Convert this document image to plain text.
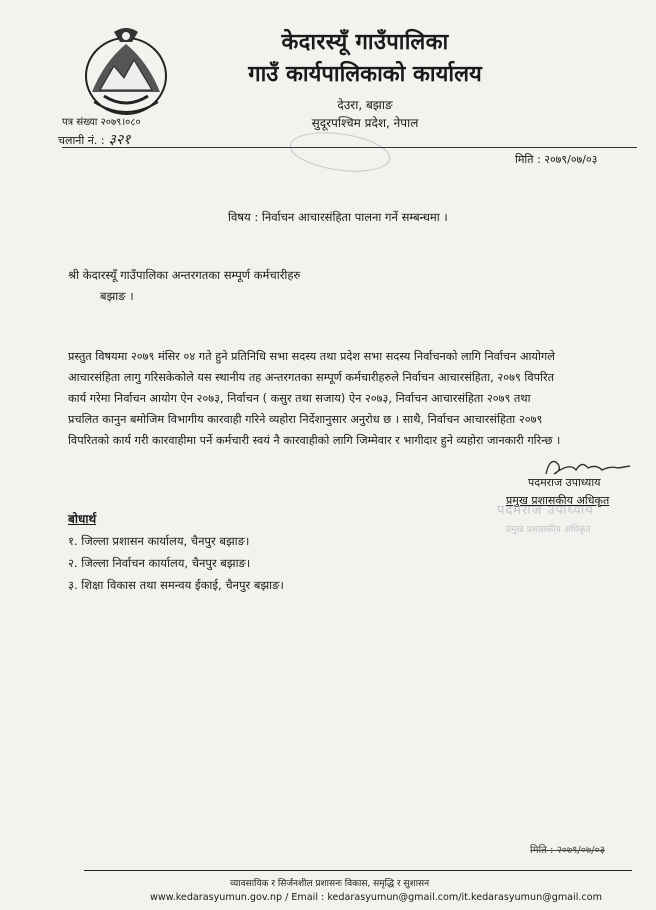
केदारस्यूँ गाउँपालिका
गाउँ कार्यपालिकाको कार्यालय
देउरा, बझाङ
सुदूरपश्चिम प्रदेश, नेपाल
पत्र संख्या २०७९।०८०
चलानी नं. : ३२१
मिति : २०७९/०७/०३
विषय : निर्वाचन आचारसंहिता पालना गर्ने सम्बन्धमा ।
श्री केदारस्यूँ गाउँपालिका अन्तरगतका सम्पूर्ण कर्मचारीहरु
बझाङ ।
प्रस्तुत विषयमा २०७९ मंसिर ०४ गते हुने प्रतिनिधि सभा सदस्य तथा प्रदेश सभा सदस्य निर्वाचनको लागि निर्वाचन आयोगले
आचारसंहिता लागु गरिसकेकोले यस स्थानीय तह अन्तरगतका सम्पूर्ण कर्मचारीहरुले निर्वाचन आचारसंहिता, २०७९ विपरित
कार्य गरेमा निर्वाचन आयोग ऐन २०७३, निर्वाचन ( कसुर तथा सजाय) ऐन २०७३, निर्वाचन आचारसंहिता २०७९ तथा
प्रचलित कानुन बमोजिम विभागीय कारवाही गरिने व्यहोरा निर्देशानुसार अनुरोध छ । साथै, निर्वाचन आचारसंहिता २०७९
विपरितको कार्य गरी कारवाहीमा पर्ने कर्मचारी स्वयं नै कारवाहीको लागि जिम्मेवार र भागीदार हुने व्यहोरा जानकारी गरिन्छ ।
पदमराज उपाध्याय
प्रमुख प्रशासकीय अधिकृत
पदमराज उपाध्याय
प्रमुख प्रशासकीय अधिकृत
बोधार्थ
१. जिल्ला प्रशासन कार्यालय, चैनपुर बझाङ।
२. जिल्ला निर्वाचन कार्यालय, चैनपुर बझाङ।
३. शिक्षा विकास तथा समन्वय ईकाई, चैनपुर बझाङ।
मिति : २०७९/०७/०३
व्यावसायिक र सिर्जनशील प्रशासनः विकास, समृद्धि र सुशासन
www.kedarasyumun.gov.np / Email : kedarasyumun@gmail.com/it.kedarasyumun@gmail.com
